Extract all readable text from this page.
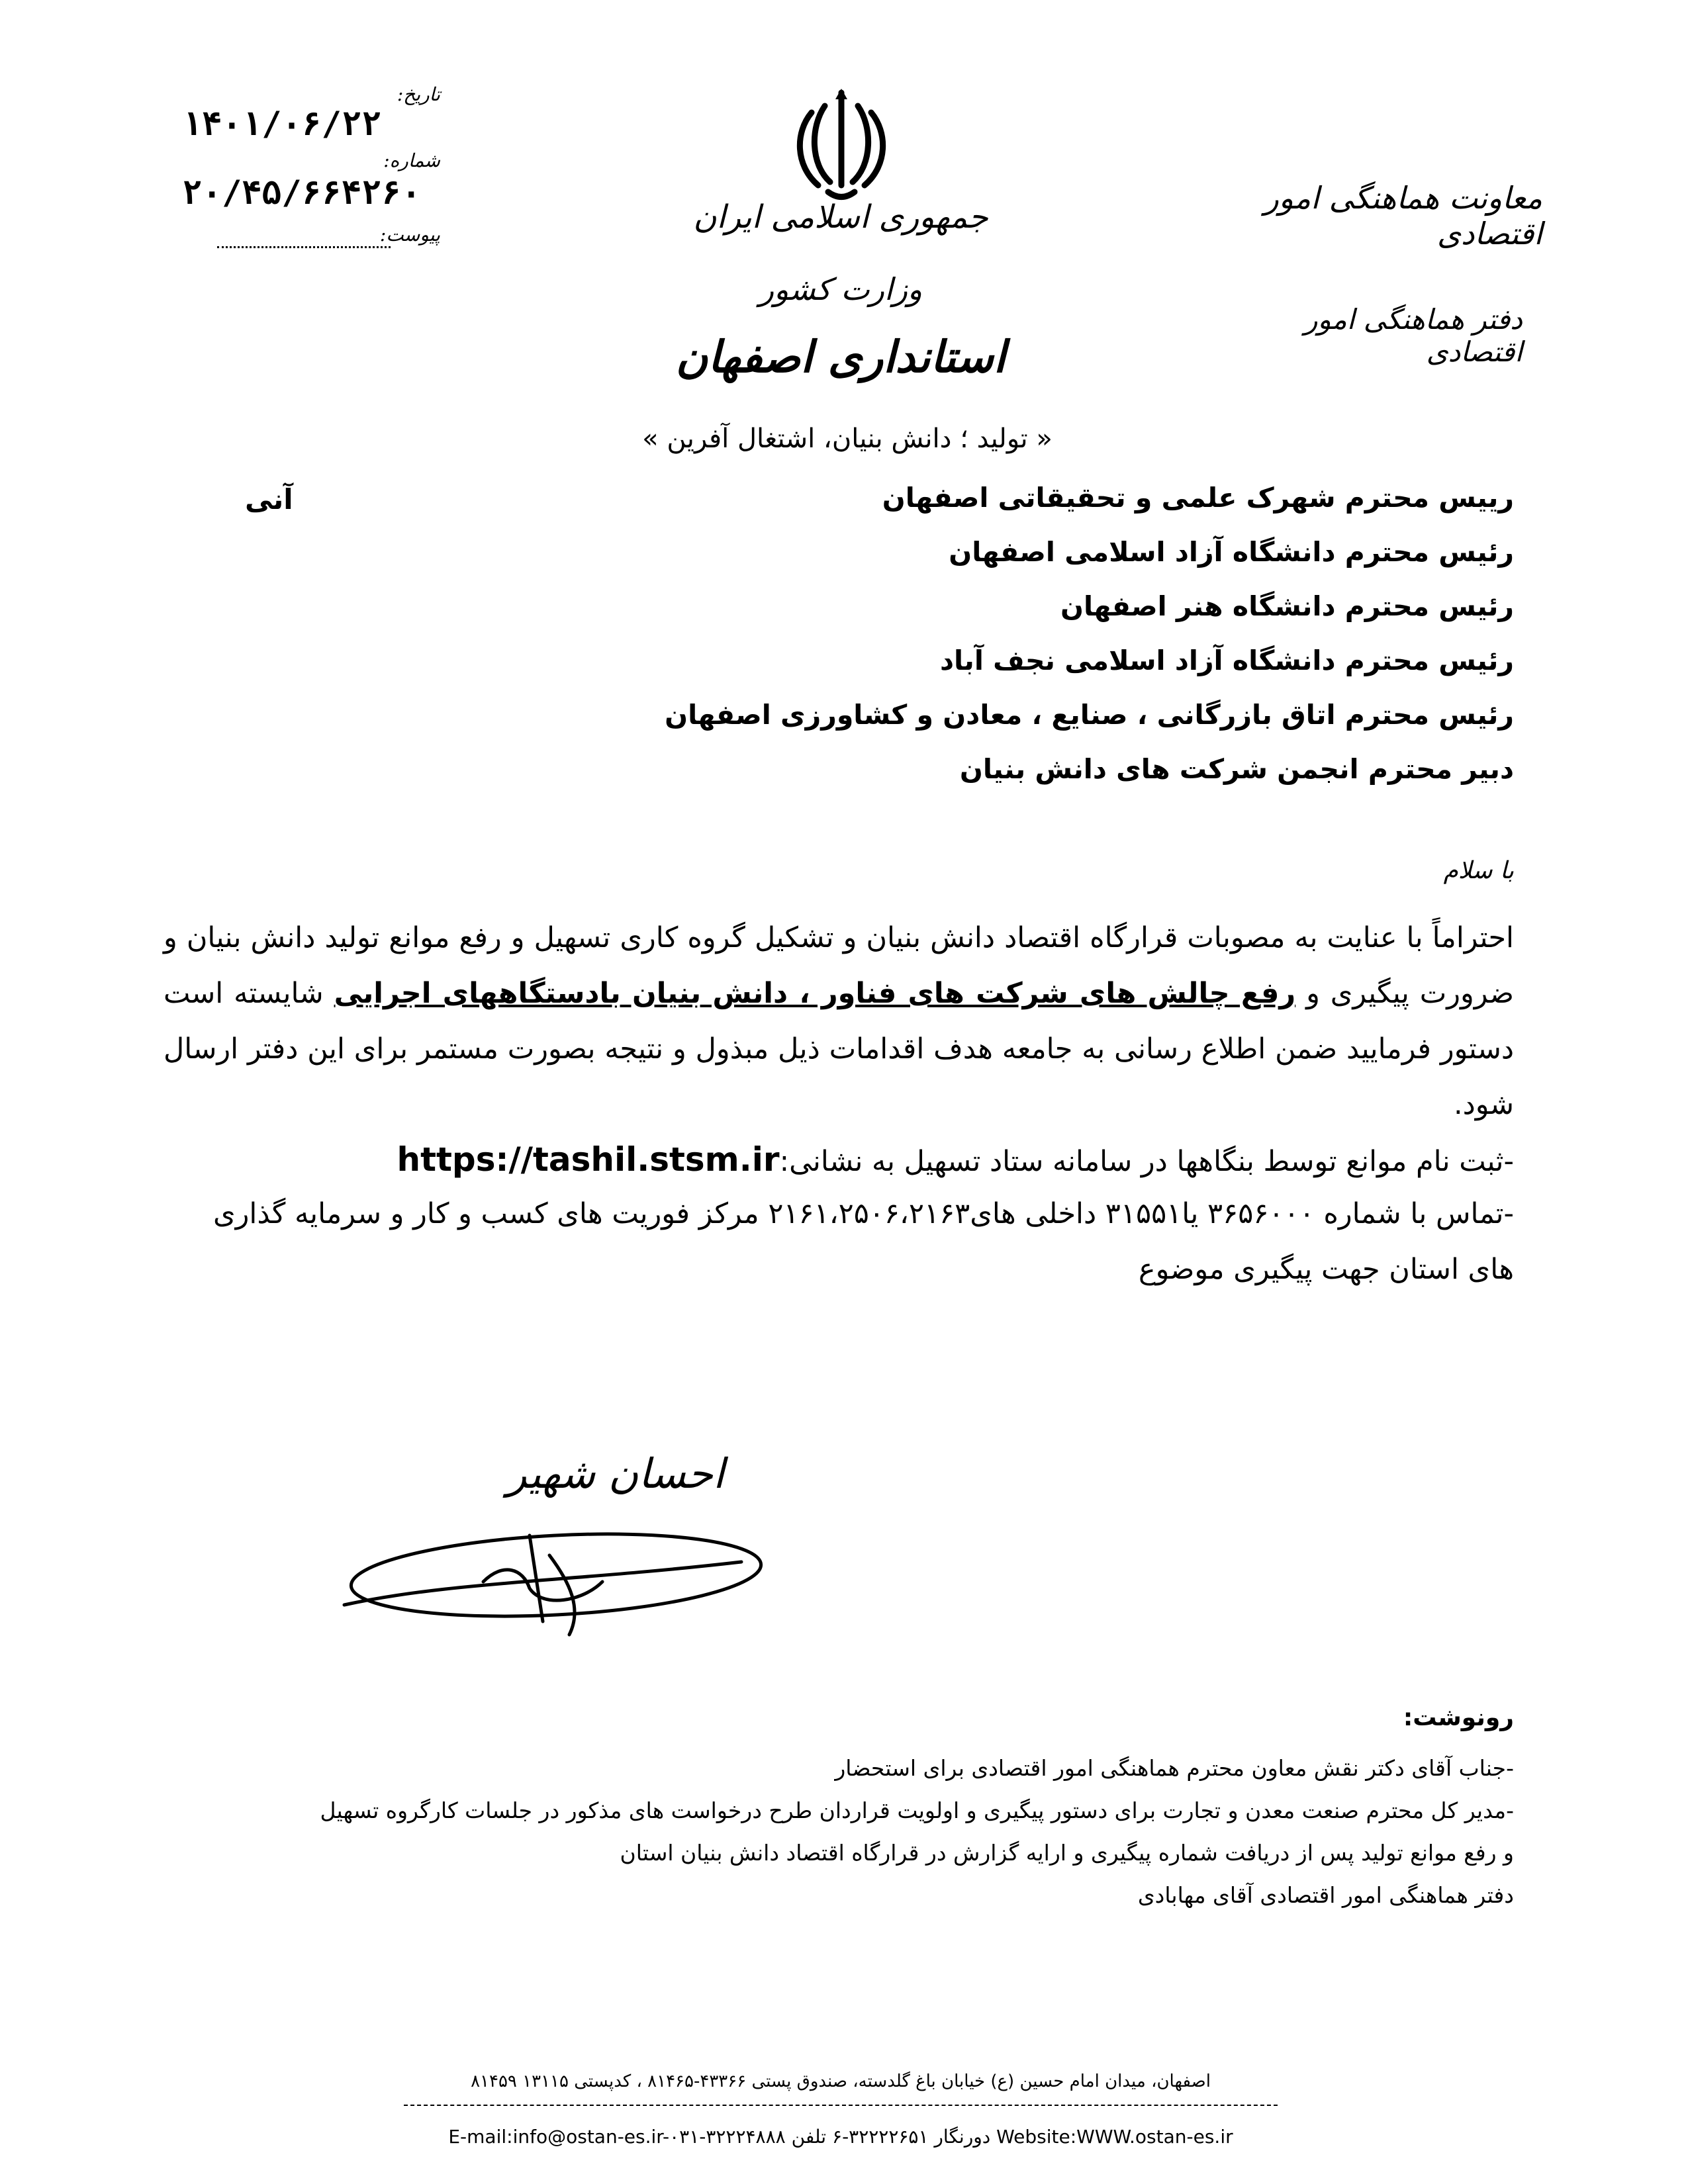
معاونت هماهنگی امور اقتصادی
دفتر هماهنگی امور اقتصادی
جمهوری اسلامی ایران
وزارت کشور
استانداری اصفهان
تاریخ:
۱۴۰۱/۰۶/۲۲
شماره:
۲۰/۴۵/۶۶۴۲۶۰
پیوست:
« تولید ؛ دانش بنیان، اشتغال آفرین »
آنی	رییس محترم شهرک علمی و تحقیقاتی اصفهان
رئیس محترم دانشگاه آزاد اسلامی اصفهان
رئیس محترم دانشگاه هنر اصفهان
رئیس محترم دانشگاه آزاد اسلامی نجف آباد
رئیس محترم اتاق بازرگانی ، صنایع ، معادن و کشاورزی اصفهان
دبیر محترم انجمن شرکت های دانش بنیان
با سلام
احتراماً با عنایت به مصوبات قرارگاه اقتصاد دانش بنیان و تشکیل گروه کاری تسهیل و رفع موانع تولید دانش بنیان و ضرورت پیگیری و رفع چالش های شرکت های فناور ، دانش بنیان بادستگاههای اجرایی شایسته است دستور فرمایید ضمن اطلاع رسانی به جامعه هدف اقدامات ذیل مبذول و نتیجه بصورت مستمر برای این دفتر ارسال شود.
-ثبت نام موانع توسط بنگاهها در سامانه ستاد تسهیل به نشانی:https://tashil.stsm.ir
-تماس با شماره ۳۶۵۶۰۰۰ یا۳۱۵۵۱ داخلی های۲۱۶۱،۲۵۰۶،۲۱۶۳ مرکز فوریت های کسب و کار و سرمایه گذاری های استان جهت پیگیری موضوع
احسان شهیر
رونوشت:
-جناب آقای دکتر نقش معاون محترم هماهنگی امور اقتصادی برای استحضار
-مدیر کل محترم صنعت معدن و تجارت برای دستور پیگیری و اولویت قراردان طرح درخواست های مذکور در جلسات کارگروه تسهیل
و رفع موانع تولید پس از دریافت شماره پیگیری و ارایه گزارش در قرارگاه اقتصاد دانش بنیان استان
دفتر هماهنگی امور اقتصادی آقای مهابادی
اصفهان، میدان امام حسین (ع) خیابان باغ گلدسته، صندوق پستی ۴۳۳۶۶-۸۱۴۶۵ ، کدپستی ۱۳۱۱۵ ۸۱۴۵۹
E-mail:info@ostan-es.ir-۰۳۱-۳۲۲۲۴۸۸۸ دورنگار ۳۲۲۲۲۶۵۱-۶ تلفن Website:WWW.ostan-es.ir
